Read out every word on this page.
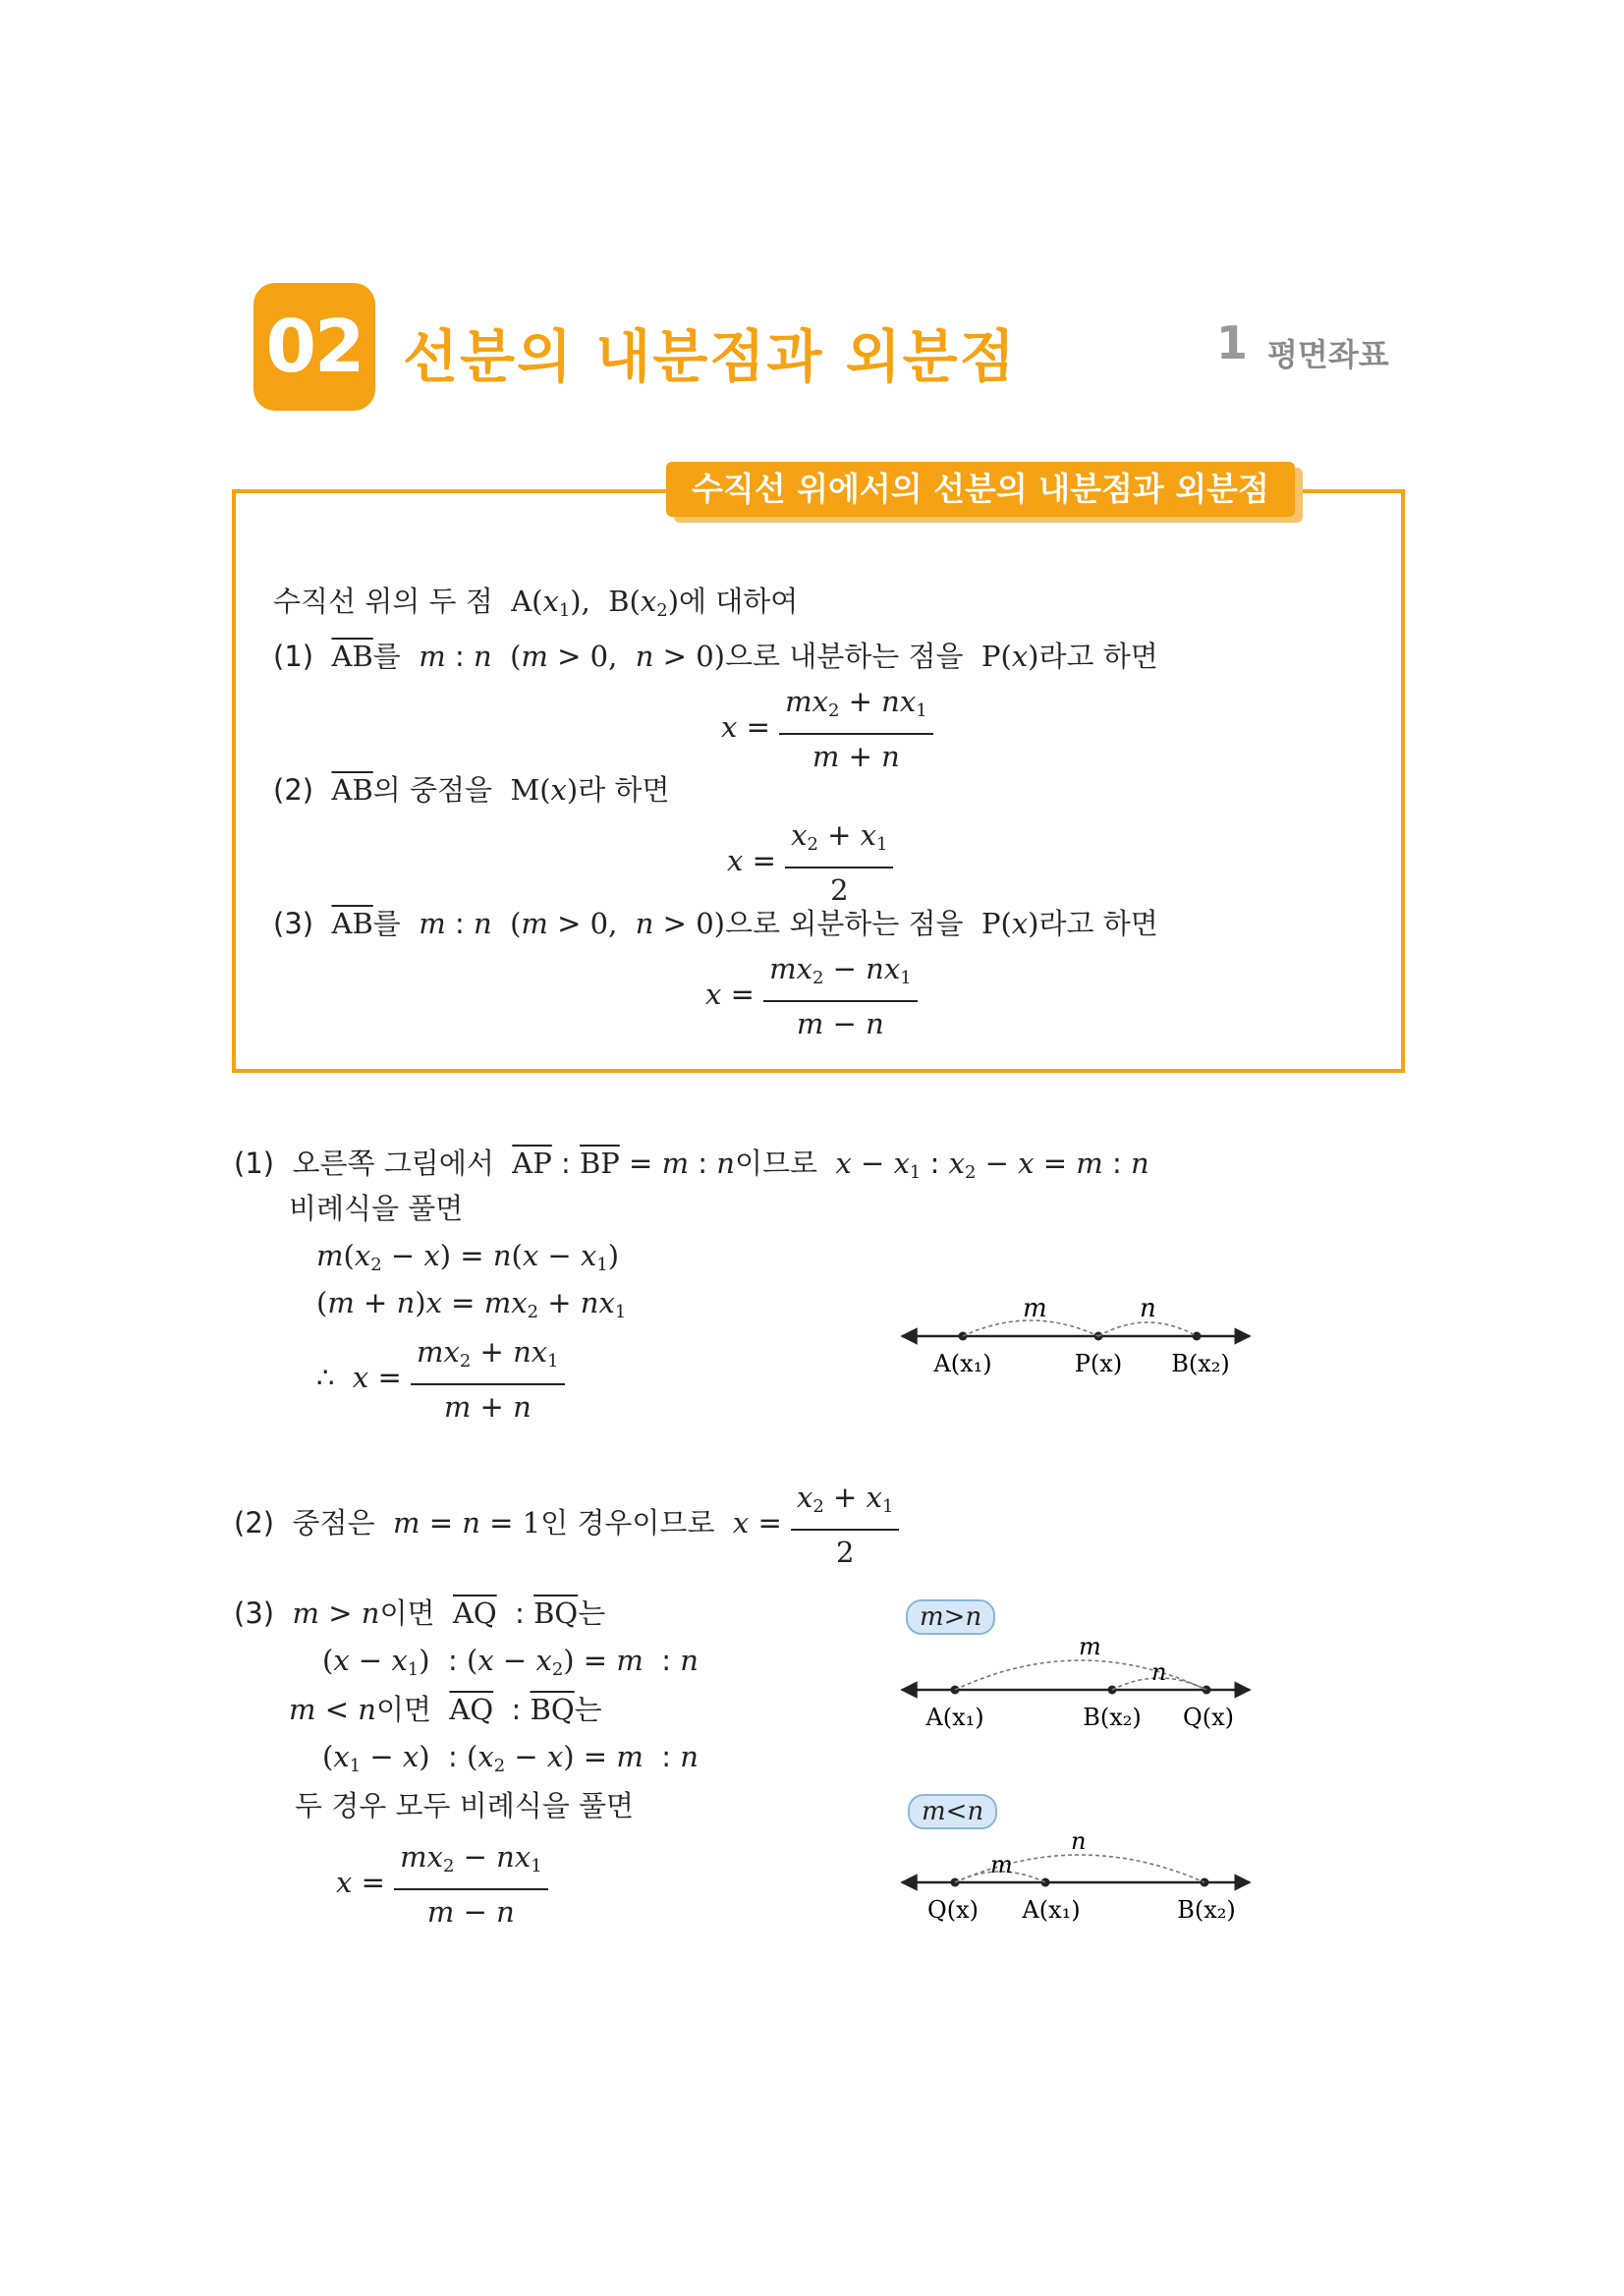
02 선분의 내분점과 외분점	1 평면좌표
수직선 위에서의 선분의 내분점과 외분점
수직선 위의 두 점 $A(x_1)$,  $B(x_2)$에 대하여
(1) $\overline{AB}$를 m : n (m > 0, n > 0)으로 내분하는 점을 P(x)라고 하면
$x = \frac{mx_2 + nx_1}{m + n}$
(2) $\overline{AB}$의 중점을 M(x)라 하면
$x = \frac{x_2 + x_1}{2}$
(3) $\overline{AB}$를 m : n (m > 0, n > 0)으로 외분하는 점을 P(x)라고 하면
$x = \frac{mx_2 - nx_1}{m - n}$
(1) 오른쪽 그림에서 $\overline{AP}$ : $\overline{BP} = m$ : n이므로 $x - x_1$ : $x_2 - x = m$ : n
비례식을 풀면
$m(x_2 - x) = n(x - x_1)$
$(m + n)x = mx_2 + nx_1$
∴ $x = \frac{mx_2 + nx_1}{m + n}$
m	n
A(x₁)	P(x) B(x₂)
(2) 중점은 m = n = 1인 경우이므로 $x = \frac{x_2 + x_1}{2}$
(3) m > n이면 $\overline{AQ}$  : $\overline{BQ}$는
$(x - x_1)$  : $(x - x_2) = m$  : n
m < n이면 $\overline{AQ}$  : $\overline{BQ}$는
$(x_1 - x)$  : $(x_2 - x) = m$  : n
두 경우 모두 비례식을 풀면
$x = \frac{mx_2 - nx_1}{m - n}$
m>n
m
n
A(x₁)	B(x₂) Q(x)
m<n
n
m
Q(x) A(x₁)	B(x₂)
